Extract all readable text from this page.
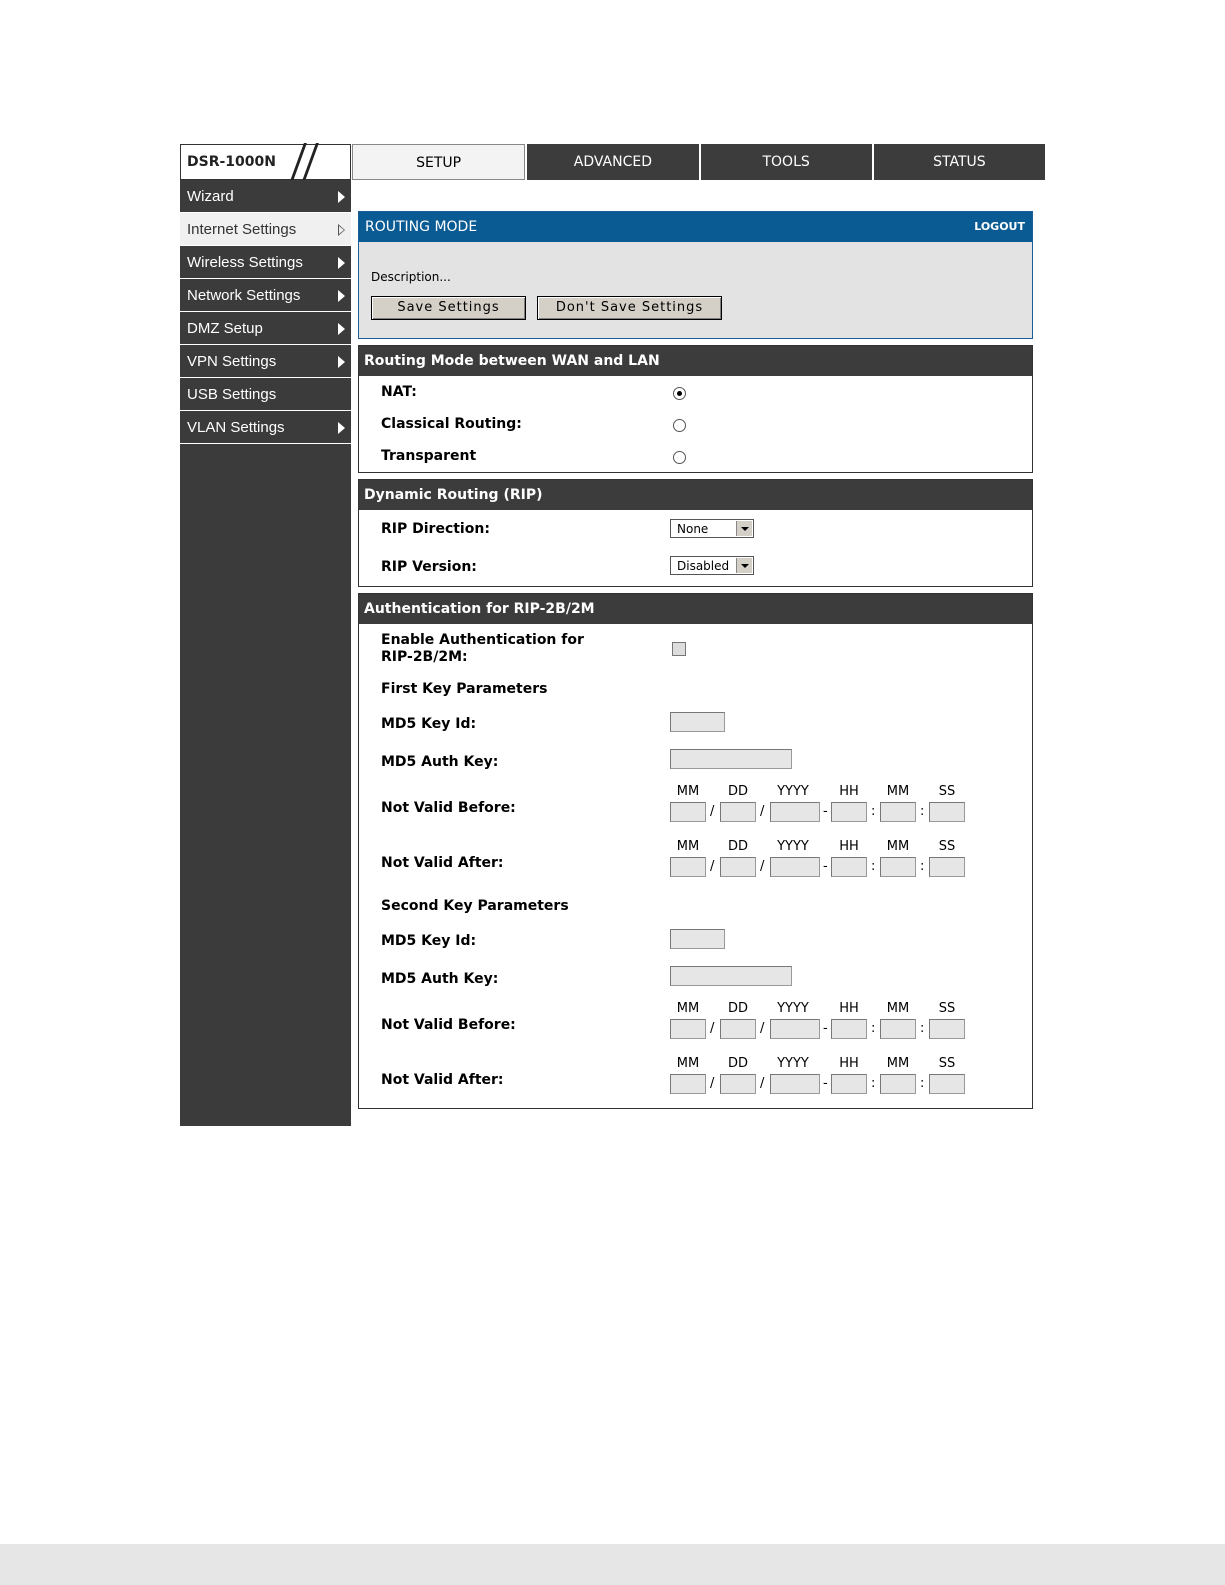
DSR-1000N	SETUP	ADVANCED	TOOLS	STATUS
Wizard
Internet Settings
Wireless Settings
Network Settings
DMZ Setup
VPN Settings
USB Settings
VLAN Settings
ROUTING MODE	LOGOUT
Description...
Save Settings	Don't Save Settings
Routing Mode between WAN and LAN
NAT:
Classical Routing:
Transparent
Dynamic Routing (RIP)
RIP Direction:	None
RIP Version:	Disabled
Authentication for RIP-2B/2M
Enable Authentication for
RIP-2B/2M:
First Key Parameters
MD5 Key Id:
MD5 Auth Key:
Not Valid Before:
MM	DD	YYYY	HH	MM	SS
/	/	-	:	:
Not Valid After:
MM	DD	YYYY	HH	MM	SS
/	/	-	:	:
Second Key Parameters
MD5 Key Id:
MD5 Auth Key:
Not Valid Before:
MM	DD	YYYY	HH	MM	SS
/	/	-	:	:
Not Valid After:
MM	DD	YYYY	HH	MM	SS
/	/	-	:	:
